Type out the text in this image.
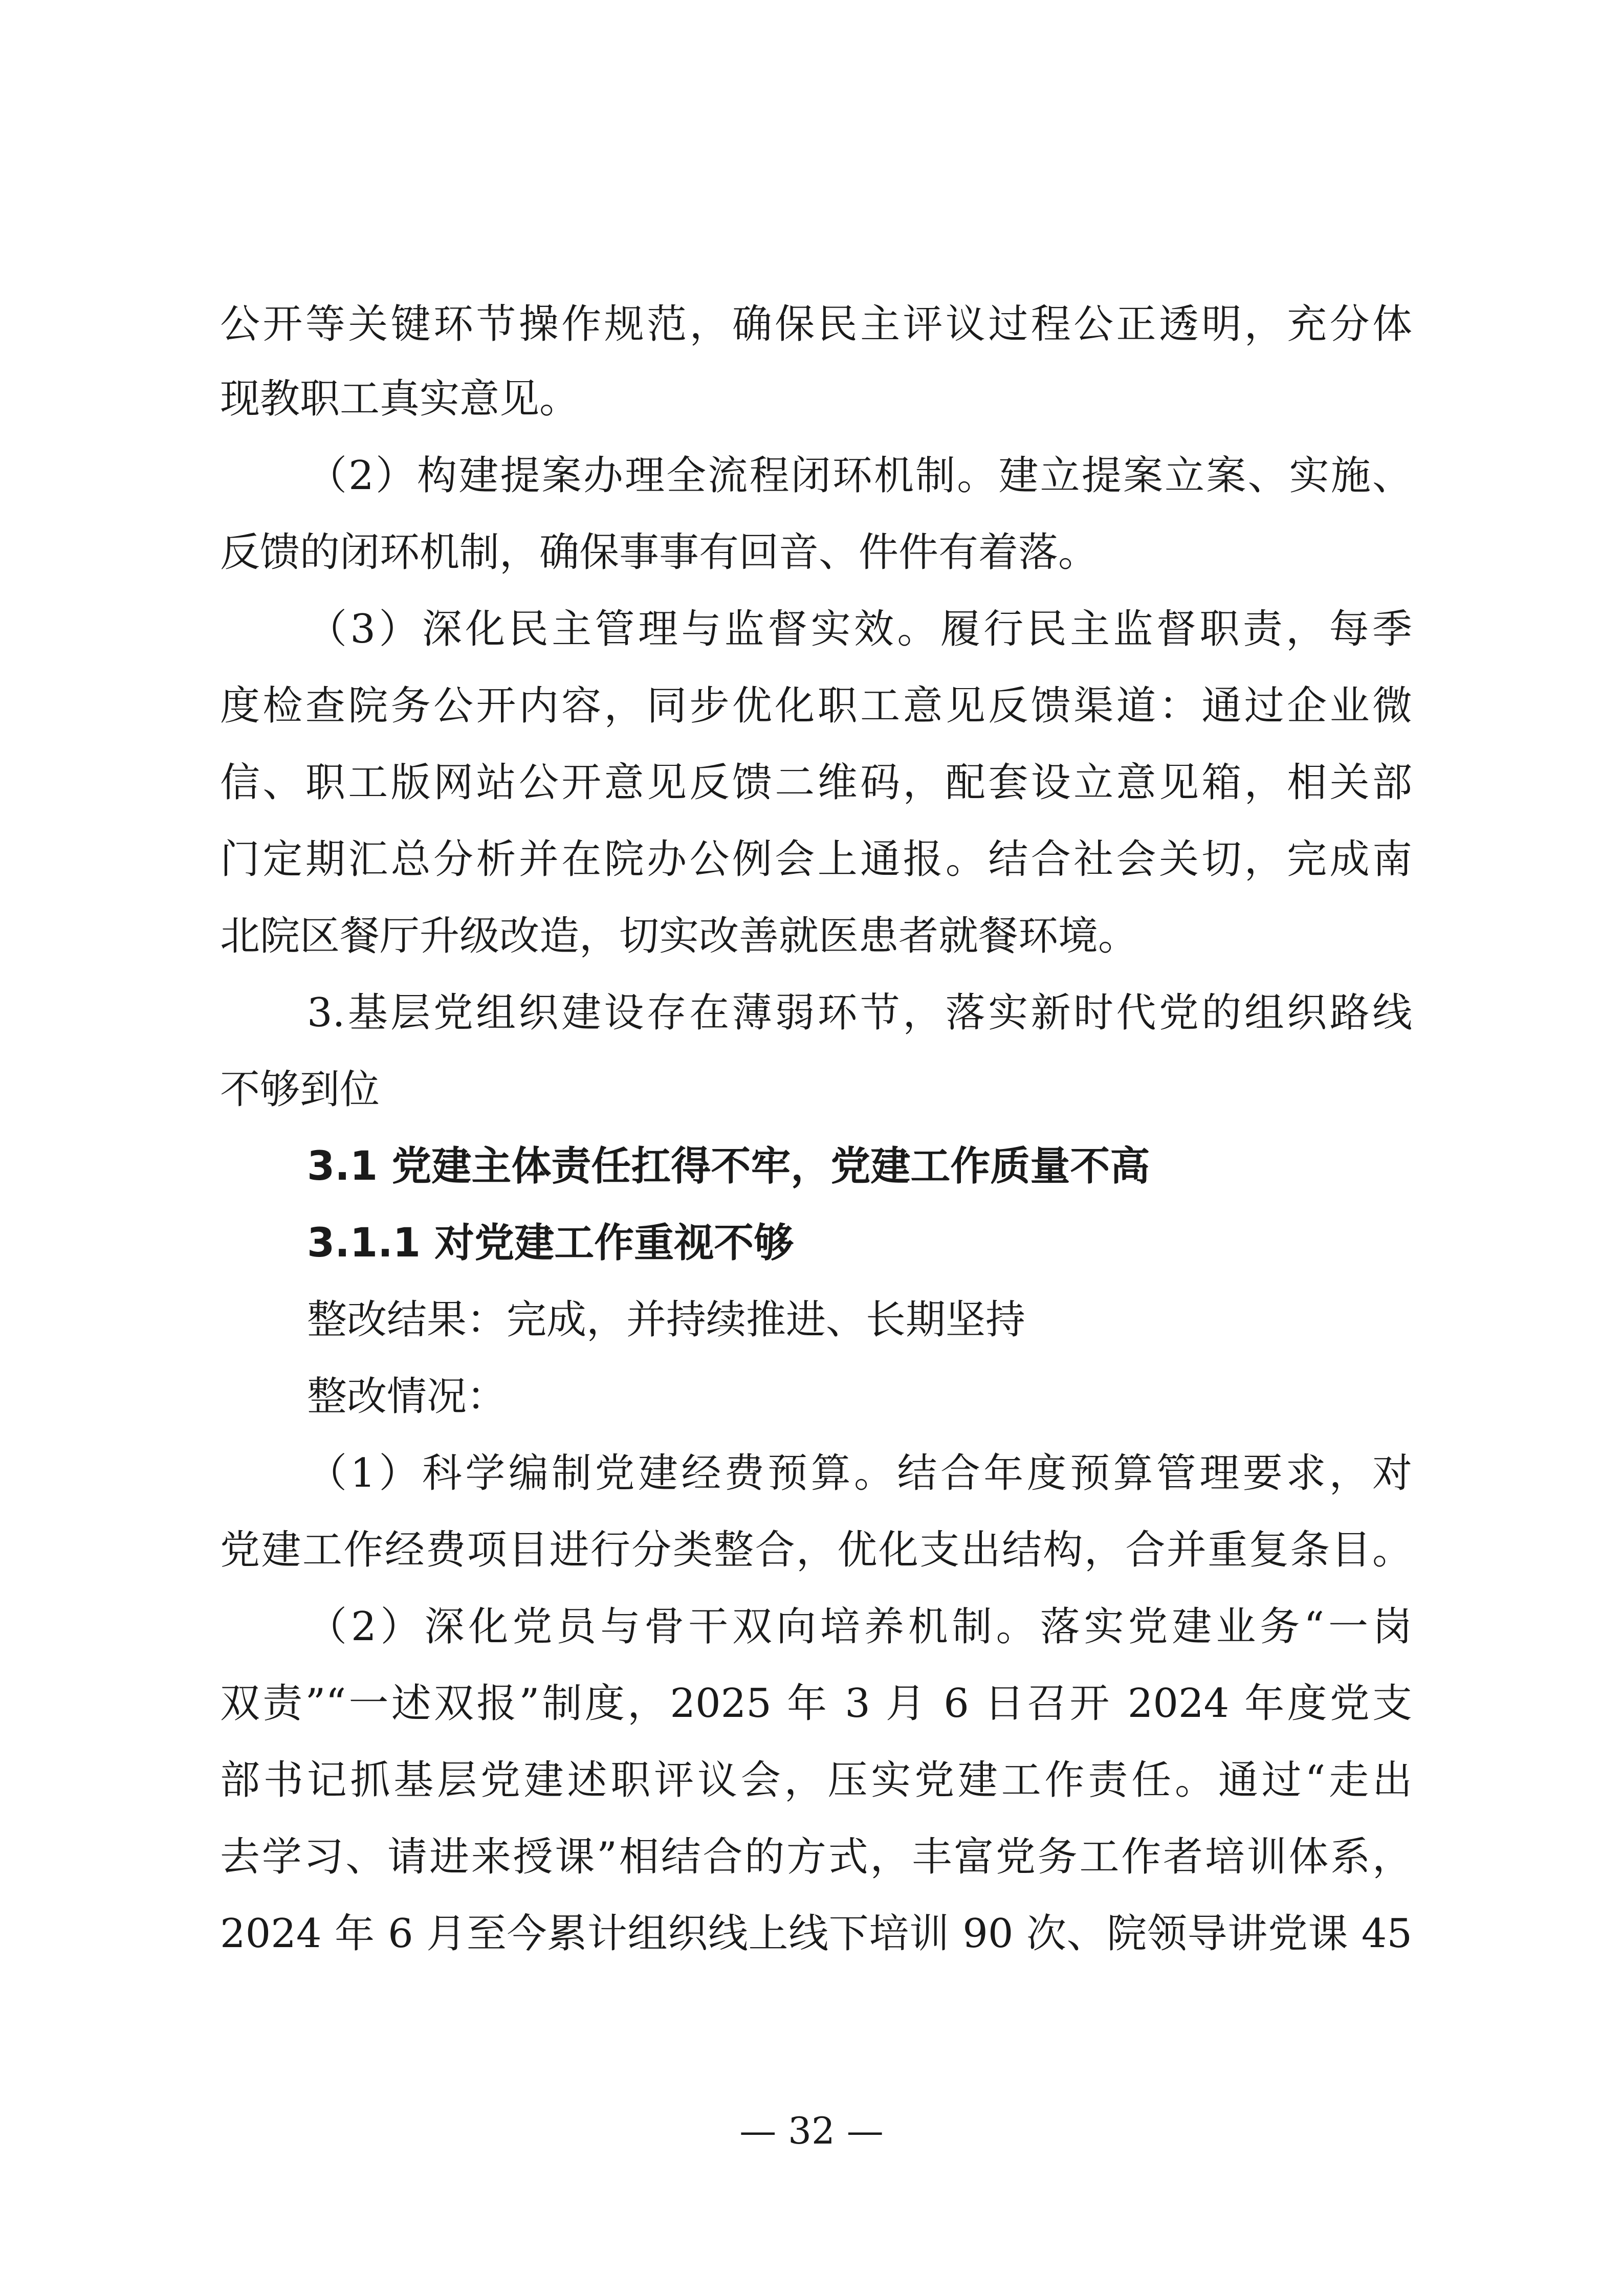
公开等关键环节操作规范，确保民主评议过程公正透明，充分体
现教职工真实意见。
（2）构建提案办理全流程闭环机制。建立提案立案、实施、
反馈的闭环机制，确保事事有回音、件件有着落。
（3）深化民主管理与监督实效。履行民主监督职责，每季
度检查院务公开内容，同步优化职工意见反馈渠道：通过企业微
信、职工版网站公开意见反馈二维码，配套设立意见箱，相关部
门定期汇总分析并在院办公例会上通报。结合社会关切，完成南
北院区餐厅升级改造，切实改善就医患者就餐环境。
3.基层党组织建设存在薄弱环节，落实新时代党的组织路线
不够到位
3.1 党建主体责任扛得不牢，党建工作质量不高
3.1.1 对党建工作重视不够
整改结果：完成，并持续推进、长期坚持
整改情况：
（1）科学编制党建经费预算。结合年度预算管理要求，对
党建工作经费项目进行分类整合，优化支出结构，合并重复条目。
（2）深化党员与骨干双向培养机制。落实党建业务“一岗
双责”“一述双报”制度，2025 年 3 月 6 日召开 2024 年度党支
部书记抓基层党建述职评议会，压实党建工作责任。通过“走出
去学习、请进来授课”相结合的方式，丰富党务工作者培训体系，
2024 年 6 月至今累计组织线上线下培训 90 次、院领导讲党课 45
— 32 —
